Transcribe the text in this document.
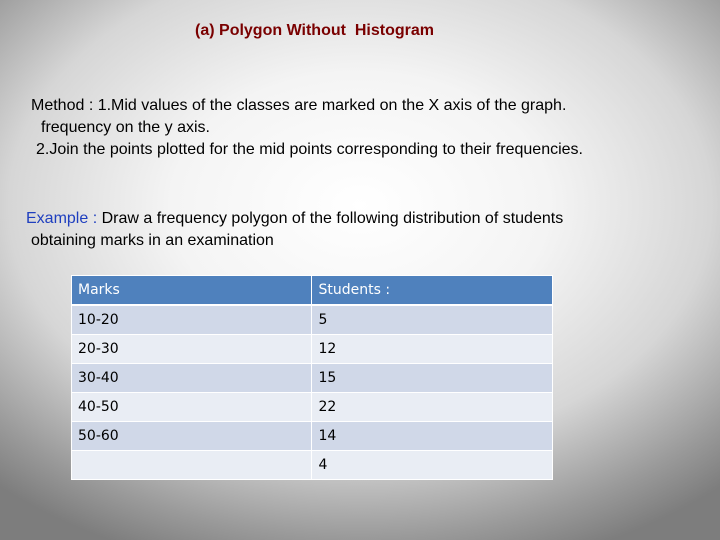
(a) Polygon Without  Histogram
Method : 1.Mid values of the classes are marked on the X axis of the graph.
frequency on the y axis.
2.Join the points plotted for the mid points corresponding to their frequencies.
Example : Draw a frequency polygon of the following distribution of students
obtaining marks in an examination
Marks	Students :
10-20	5
20-30	12
30-40	15
40-50	22
50-60	14
	4
